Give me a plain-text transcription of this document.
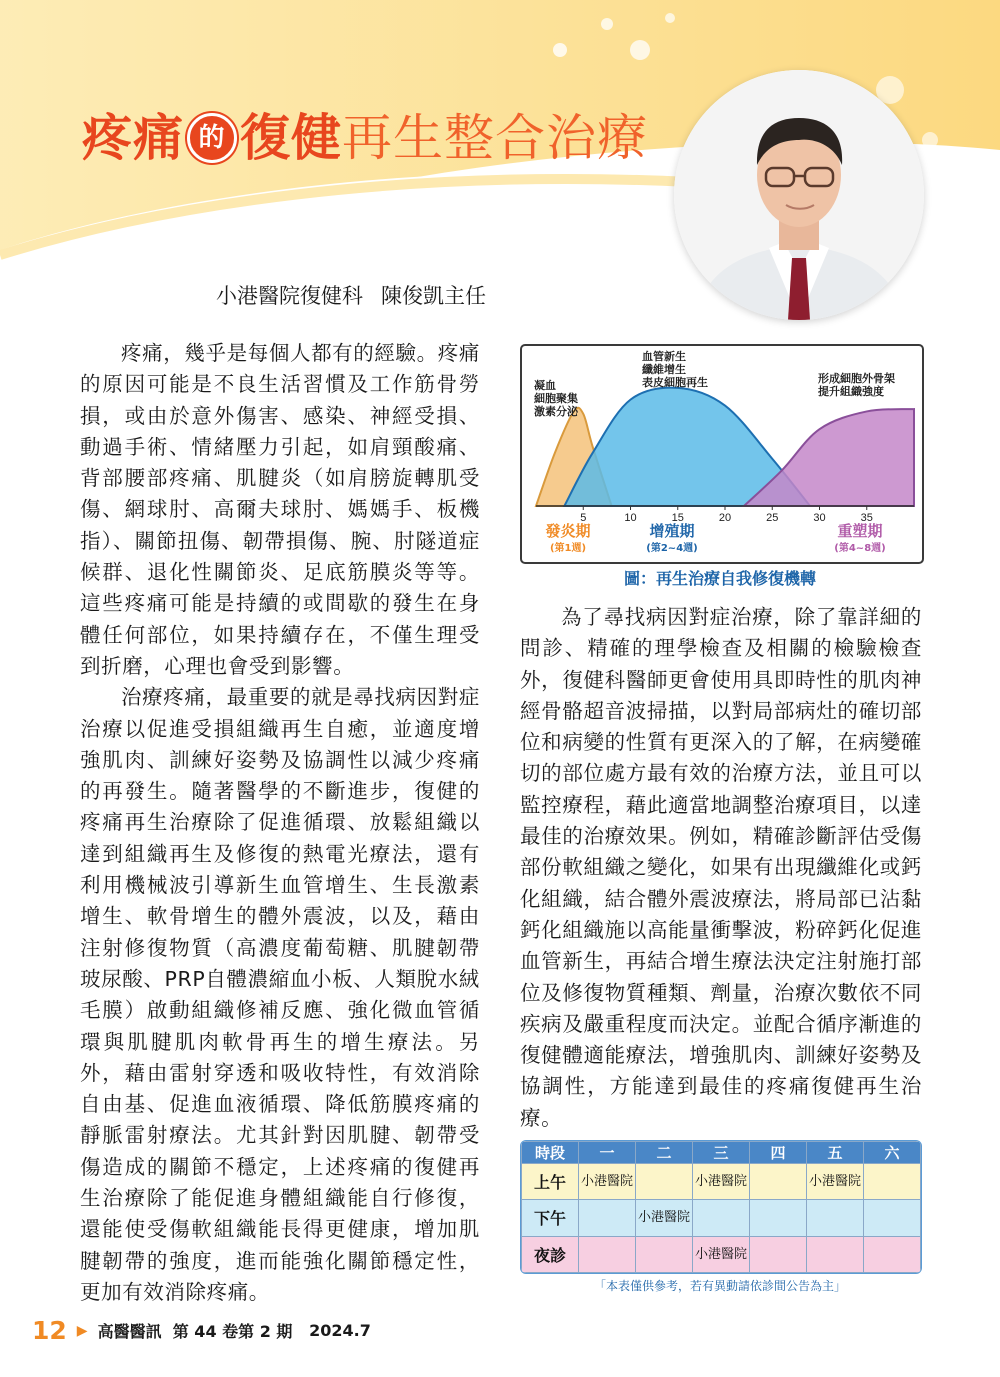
疼痛 的 復健再生整合治療
小港醫院復健科 陳俊凱主任

疼痛，幾乎是每個人都有的經驗。疼痛的原因可能是不良生活習慣及工作筋骨勞損，或由於意外傷害、感染、神經受損、動過手術、情緒壓力引起，如肩頸酸痛、背部腰部疼痛、肌腱炎（如肩膀旋轉肌受傷、網球肘、高爾夫球肘、媽媽手、板機指）、關節扭傷、韌帶損傷、腕、肘隧道症候群、退化性關節炎、足底筋膜炎等等。這些疼痛可能是持續的或間歇的發生在身體任何部位，如果持續存在，不僅生理受到折磨，心理也會受到影響。

治療疼痛，最重要的就是尋找病因對症治療以促進受損組織再生自癒，並適度增強肌肉、訓練好姿勢及協調性以減少疼痛的再發生。隨著醫學的不斷進步，復健的疼痛再生治療除了促進循環、放鬆組織以達到組織再生及修復的熱電光療法，還有利用機械波引導新生血管增生、生長激素增生、軟骨增生的體外震波，以及，藉由注射修復物質（高濃度葡萄糖、肌腱韌帶玻尿酸、PRP自體濃縮血小板、人類脫水絨毛膜）啟動組織修補反應、強化微血管循環與肌腱肌肉軟骨再生的增生療法。另外，藉由雷射穿透和吸收特性，有效消除自由基、促進血液循環、降低筋膜疼痛的靜脈雷射療法。尤其針對因肌腱、韌帶受傷造成的關節不穩定，上述疼痛的復健再生治療除了能促進身體組織能自行修復，還能使受傷軟組織能長得更健康，增加肌腱韌帶的強度，進而能強化關節穩定性，更加有效消除疼痛。

5	10	15	20	25	30	35
凝血
細胞聚集
激素分泌
血管新生
纖維增生
表皮細胞再生	形成細胞外骨架
提升組織強度
發炎期
(第1週)
增殖期
(第2~4週)
重塑期
(第4~8週)
圖：再生治療自我修復機轉

為了尋找病因對症治療，除了靠詳細的問診、精確的理學檢查及相關的檢驗檢查外，復健科醫師更會使用具即時性的肌肉神經骨骼超音波掃描，以對局部病灶的確切部位和病變的性質有更深入的了解，在病變確切的部位處方最有效的治療方法，並且可以監控療程，藉此適當地調整治療項目，以達最佳的治療效果。例如，精確診斷評估受傷部份軟組織之變化，如果有出現纖維化或鈣化組織，結合體外震波療法，將局部已沾黏鈣化組織施以高能量衝擊波，粉碎鈣化促進血管新生，再結合增生療法決定注射施打部位及修復物質種類、劑量，治療次數依不同疾病及嚴重程度而決定。並配合循序漸進的復健體適能療法，增強肌肉、訓練好姿勢及協調性，方能達到最佳的疼痛復健再生治療。

時段	一	二	三	四	五	六
上午	小港醫院		小港醫院		小港醫院	
下午		小港醫院				
夜診			小港醫院			
「本表僅供參考，若有異動請依診間公告為主」
12 ▶ 高醫醫訊 第 44 卷第 2 期 2024.7
